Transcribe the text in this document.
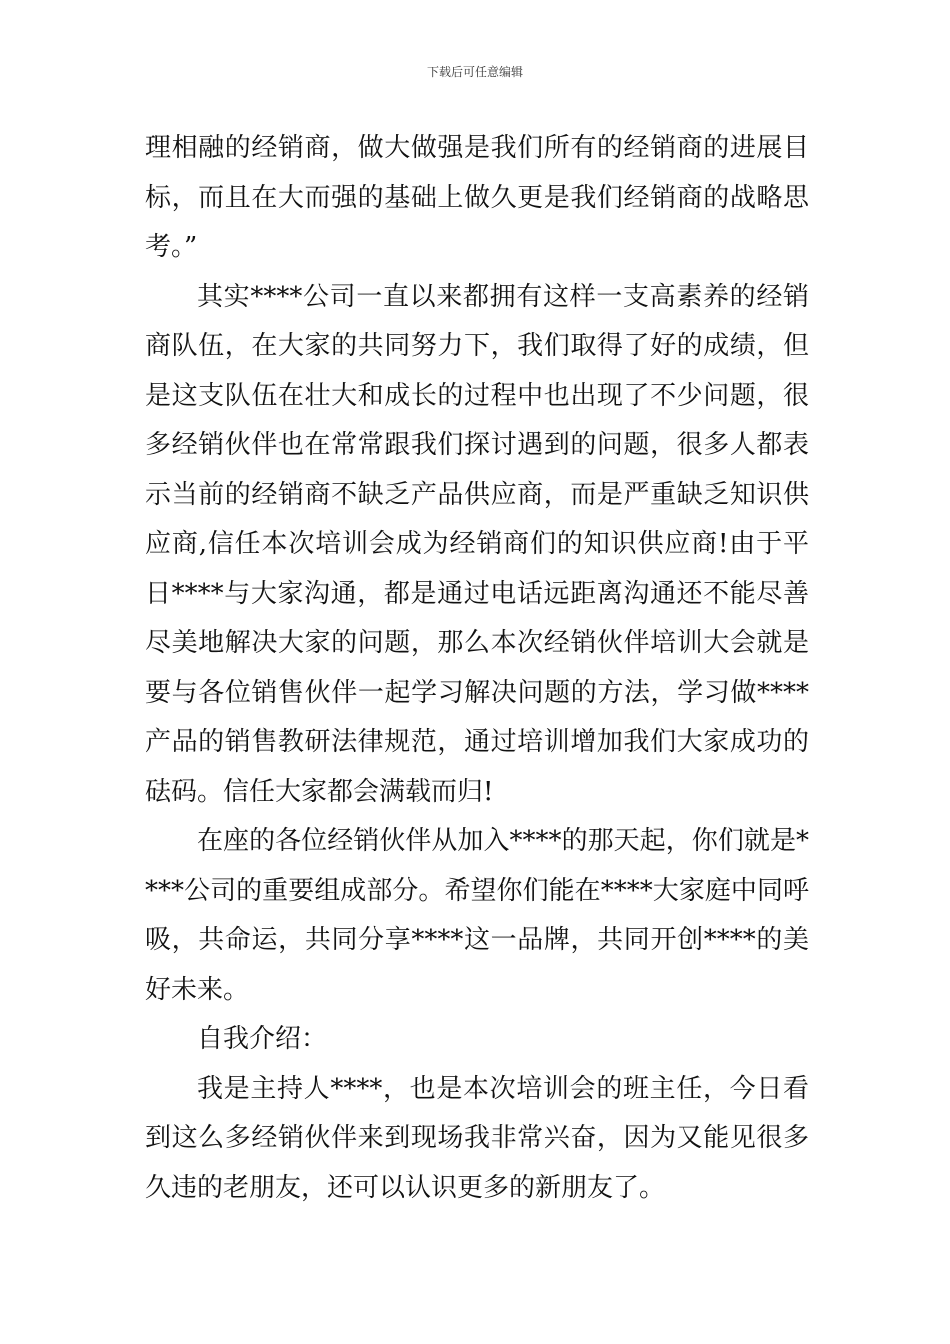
下载后可任意编辑

理相融的经销商，做大做强是我们所有的经销商的进展目标，而且在大而强的基础上做久更是我们经销商的战略思考。”

其实****公司一直以来都拥有这样一支高素养的经销商队伍，在大家的共同努力下，我们取得了好的成绩，但是这支队伍在壮大和成长的过程中也出现了不少问题，很多经销伙伴也在常常跟我们探讨遇到的问题，很多人都表示当前的经销商不缺乏产品供应商，而是严重缺乏知识供应商,信任本次培训会成为经销商们的知识供应商!由于平日****与大家沟通，都是通过电话远距离沟通还不能尽善尽美地解决大家的问题，那么本次经销伙伴培训大会就是要与各位销售伙伴一起学习解决问题的方法，学习做****产品的销售教研法律规范，通过培训增加我们大家成功的砝码。信任大家都会满载而归!

在座的各位经销伙伴从加入****的那天起，你们就是****公司的重要组成部分。希望你们能在****大家庭中同呼吸，共命运，共同分享****这一品牌，共同开创****的美好未来。

自我介绍：

我是主持人****，也是本次培训会的班主任，今日看到这么多经销伙伴来到现场我非常兴奋，因为又能见很多久违的老朋友，还可以认识更多的新朋友了。
